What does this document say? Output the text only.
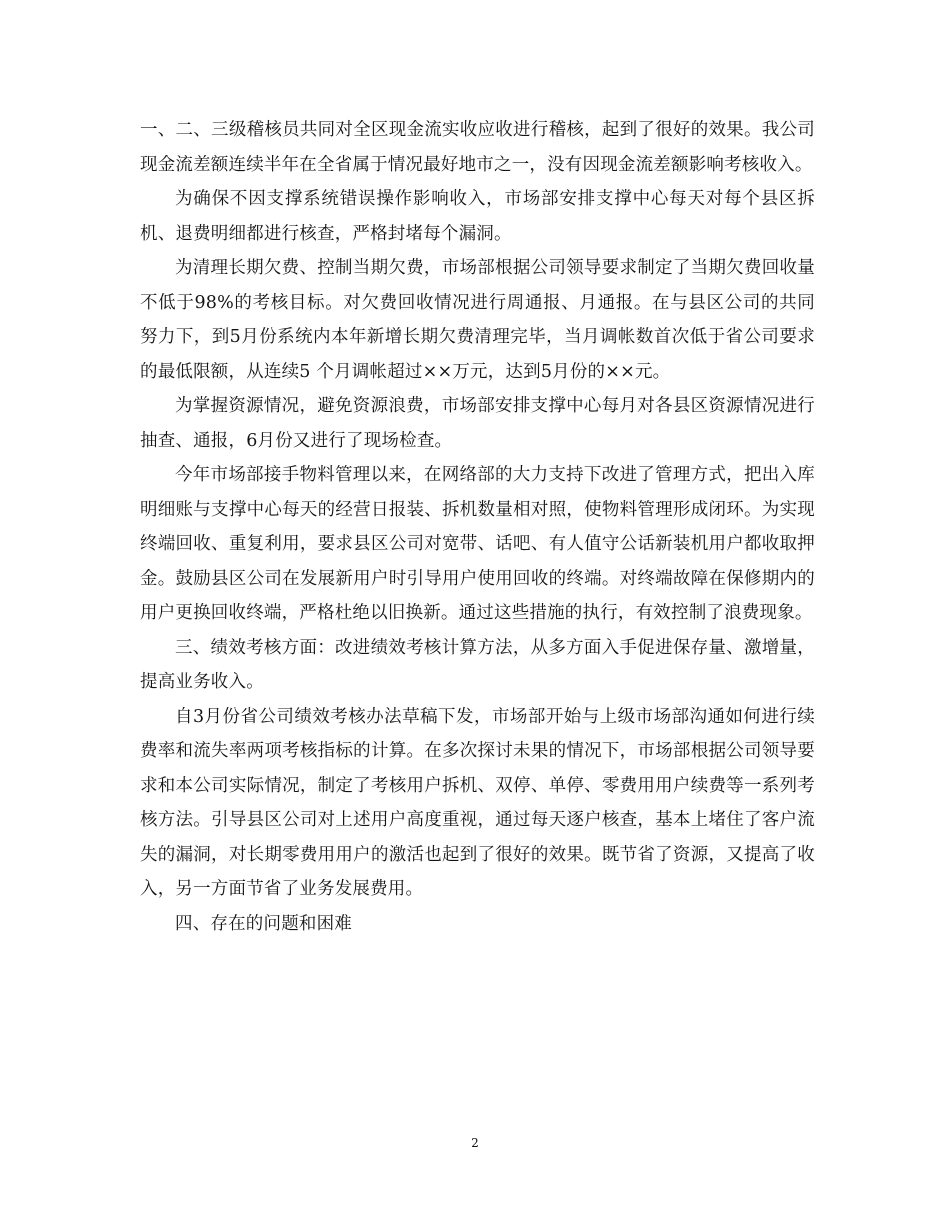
一、二、三级稽核员共同对全区现金流实收应收进行稽核，起到了很好的效果。我公司现金流差额连续半年在全省属于情况最好地市之一，没有因现金流差额影响考核收入。

为确保不因支撑系统错误操作影响收入，市场部安排支撑中心每天对每个县区拆机、退费明细都进行核查，严格封堵每个漏洞。

为清理长期欠费、控制当期欠费，市场部根据公司领导要求制定了当期欠费回收量不低于98%的考核目标。对欠费回收情况进行周通报、月通报。在与县区公司的共同努力下，到5月份系统内本年新增长期欠费清理完毕，当月调帐数首次低于省公司要求的最低限额，从连续5 个月调帐超过××万元，达到5月份的××元。

为掌握资源情况，避免资源浪费，市场部安排支撑中心每月对各县区资源情况进行抽查、通报，6月份又进行了现场检查。

今年市场部接手物料管理以来，在网络部的大力支持下改进了管理方式，把出入库明细账与支撑中心每天的经营日报装、拆机数量相对照，使物料管理形成闭环。为实现终端回收、重复利用，要求县区公司对宽带、话吧、有人值守公话新装机用户都收取押金。鼓励县区公司在发展新用户时引导用户使用回收的终端。对终端故障在保修期内的用户更换回收终端，严格杜绝以旧换新。通过这些措施的执行，有效控制了浪费现象。

三、绩效考核方面：改进绩效考核计算方法，从多方面入手促进保存量、激增量，提高业务收入。

自3月份省公司绩效考核办法草稿下发，市场部开始与上级市场部沟通如何进行续费率和流失率两项考核指标的计算。在多次探讨未果的情况下，市场部根据公司领导要求和本公司实际情况，制定了考核用户拆机、双停、单停、零费用用户续费等一系列考核方法。引导县区公司对上述用户高度重视，通过每天逐户核查，基本上堵住了客户流失的漏洞，对长期零费用用户的激活也起到了很好的效果。既节省了资源，又提高了收入，另一方面节省了业务发展费用。

四、存在的问题和困难

2
